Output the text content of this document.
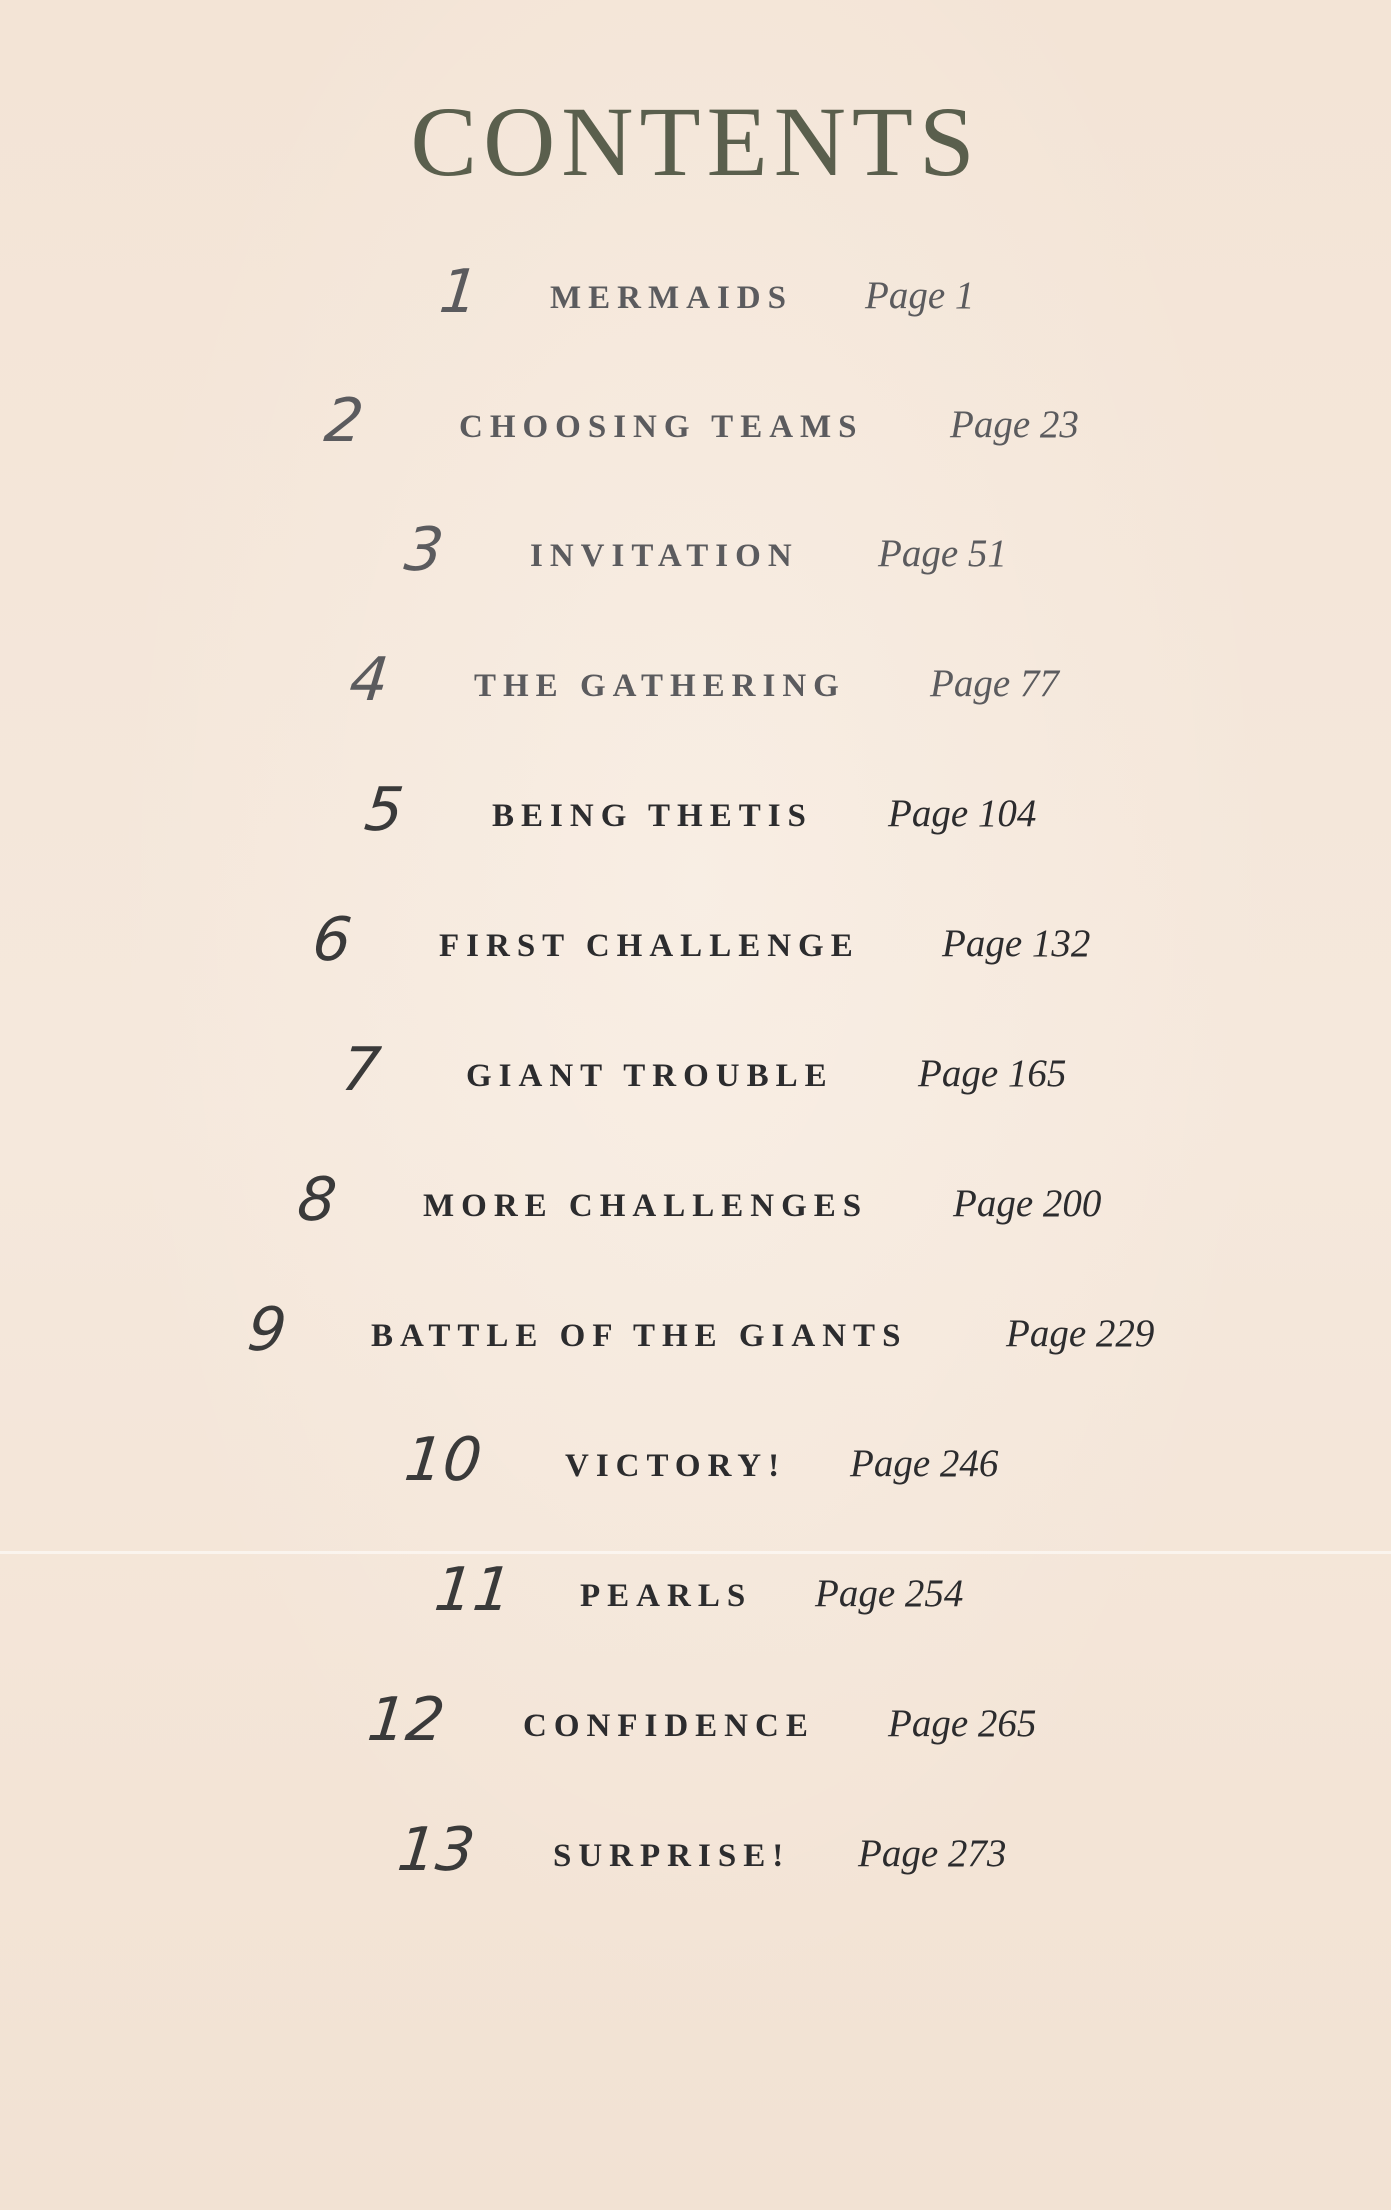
CONTENTS
1 MERMAIDS Page 1
2	CHOOSING TEAMS Page 23
3	INVITATION Page 51
4 THE GATHERING Page 77
5	BEING THETIS Page 104
6	FIRST CHALLENGE Page 132
7 GIANT TROUBLE Page 165
8	MORE CHALLENGES Page 200
9 BATTLE OF THE GIANTS	Page 229
10 VICTORY! Page 246
11 PEARLS Page 254
12 CONFIDENCE Page 265
13 SURPRISE! Page 273
